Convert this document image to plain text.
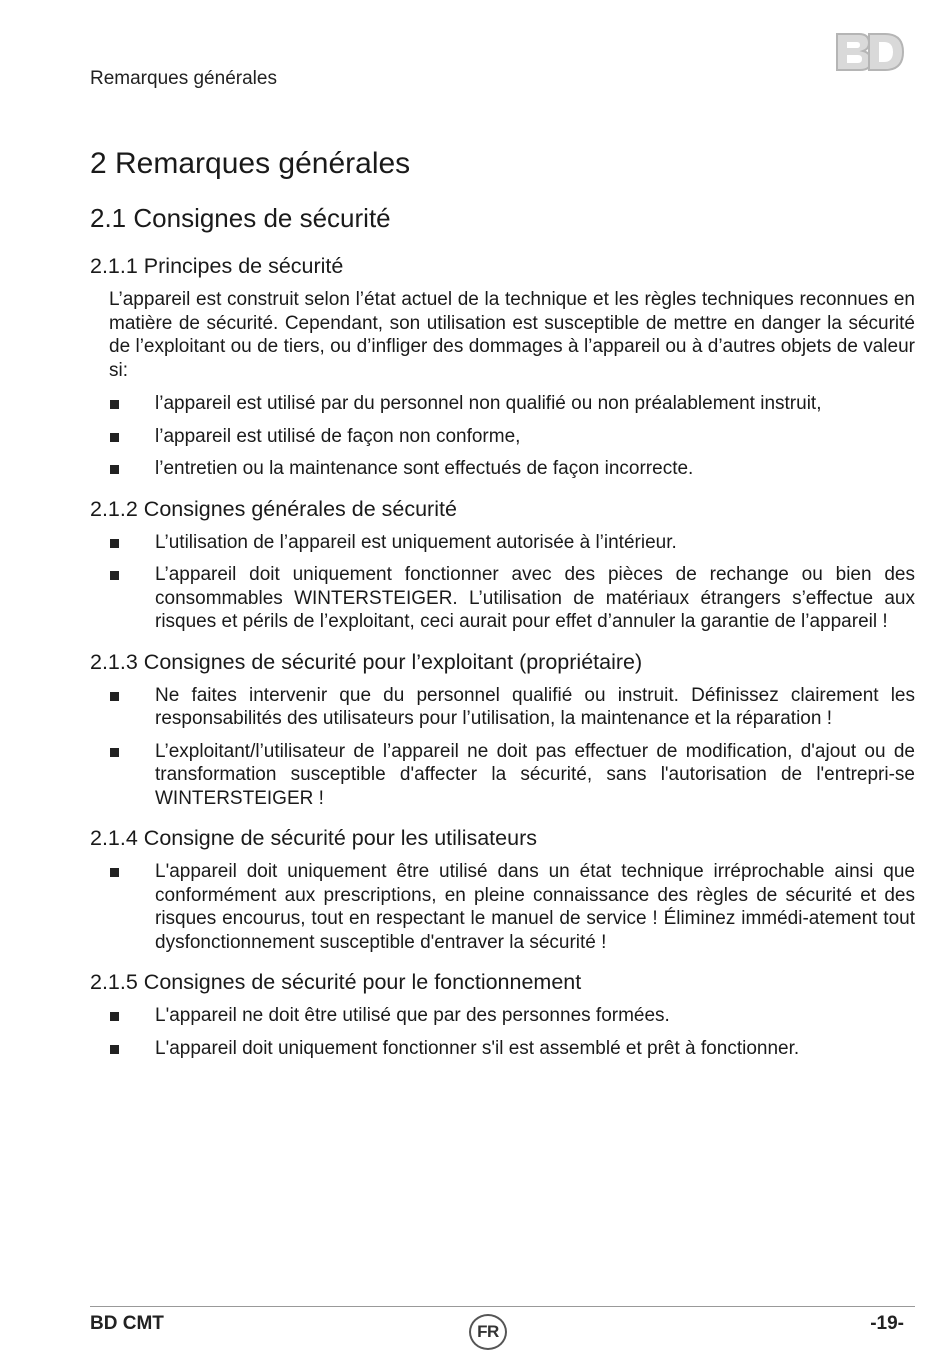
Remarques générales
2 Remarques générales
2.1 Consignes de sécurité
2.1.1 Principes de sécurité

L’appareil est construit selon l’état actuel de la technique et les règles techniques reconnues en matière de sécurité. Cependant, son utilisation est susceptible de mettre en danger la sécurité de l’exploitant ou de tiers, ou d’infliger des dommages à l’appareil ou à d’autres objets de valeur si:

l’appareil est utilisé par du personnel non qualifié ou non préalablement instruit,
l’appareil est utilisé de façon non conforme,
l’entretien ou la maintenance sont effectués de façon incorrecte.
2.1.2 Consignes générales de sécurité
L’utilisation de l’appareil est uniquement autorisée à l’intérieur.
L’appareil doit uniquement fonctionner avec des pièces de rechange ou bien des consommables WINTERSTEIGER. L’utilisation de matériaux étrangers s’effectue aux risques et périls de l’exploitant, ceci aurait pour effet d’annuler la garantie de l’appareil !
2.1.3 Consignes de sécurité pour l’exploitant (propriétaire)
Ne faites intervenir que du personnel qualifié ou instruit. Définissez clairement les responsabilités des utilisateurs pour l’utilisation, la maintenance et la réparation !
L’exploitant/l’utilisateur de l’appareil ne doit pas effectuer de modification, d'ajout ou de transformation susceptible d'affecter la sécurité, sans l'autorisation de l'entrepri-se WINTERSTEIGER !
2.1.4 Consigne de sécurité pour les utilisateurs
L'appareil doit uniquement être utilisé dans un état technique irréprochable ainsi que conformément aux prescriptions, en pleine connaissance des règles de sécurité et des risques encourus, tout en respectant le manuel de service ! Éliminez immédi-atement tout dysfonctionnement susceptible d'entraver la sécurité !
2.1.5 Consignes de sécurité pour le fonctionnement
L'appareil ne doit être utilisé que par des personnes formées.
L'appareil doit uniquement fonctionner s'il est assemblé et prêt à fonctionner.
BD CMT	FR	-19-
